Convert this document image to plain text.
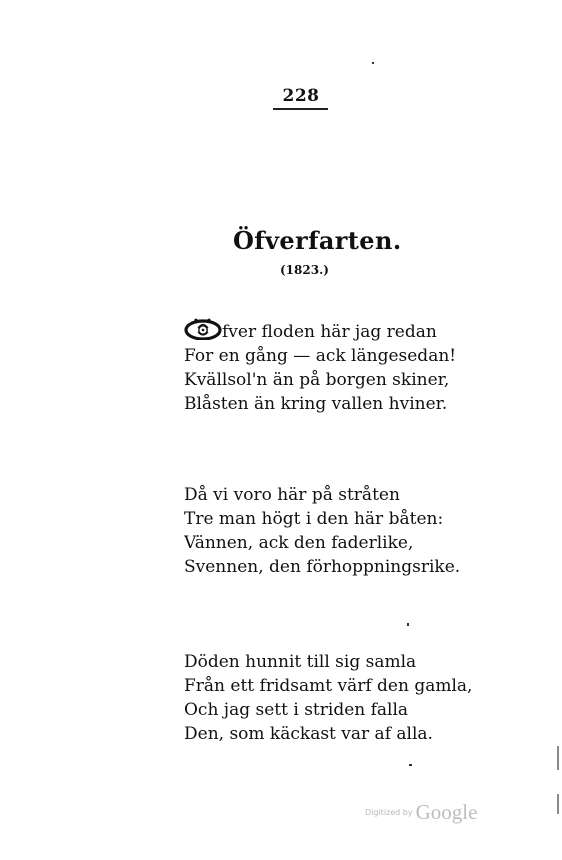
228
Öfverfarten.
(1823.)
fver floden här jag redan
For en gång — ack längesedan!
Kvällsol'n än på borgen skiner,
Blåsten än kring vallen hviner.
Då vi voro här på stråten
Tre man högt i den här båten:
Vännen, ack den faderlike,
Svennen, den förhoppningsrike.
Döden hunnit till sig samla
Från ett fridsamt värf den gamla,
Och jag sett i striden falla
Den, som käckast var af alla.
$^{Digitized by}$ Google
